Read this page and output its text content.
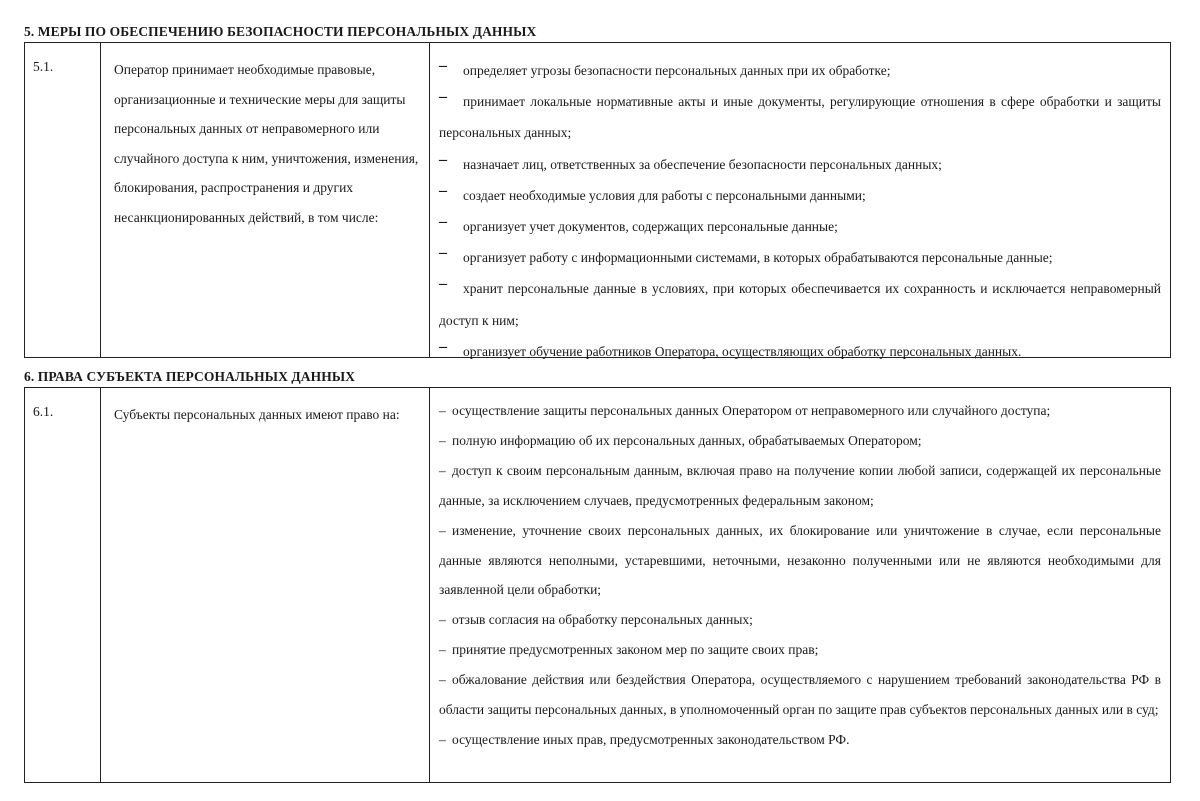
5. МЕРЫ ПО ОБЕСПЕЧЕНИЮ БЕЗОПАСНОСТИ ПЕРСОНАЛЬНЫХ ДАННЫХ
5.1.	Оператор принимает необходимые правовые, организационные и технические меры для защиты персональных данных от неправомерного или случайного доступа к ним, уничтожения, изменения, блокирования, распространения и других несанкционированных действий, в том числе:
– определяет угрозы безопасности персональных данных при их обработке;
– принимает локальные нормативные акты и иные документы, регулирующие отношения в сфере обработки и защиты персональных данных;
– назначает лиц, ответственных за обеспечение безопасности персональных данных;
– создает необходимые условия для работы с персональными данными;
– организует учет документов, содержащих персональные данные;
– организует работу с информационными системами, в которых обрабатываются персональные данные;
– хранит персональные данные в условиях, при которых обеспечивается их сохранность и исключается неправомерный доступ к ним;
– организует обучение работников Оператора, осуществляющих обработку персональных данных.
6. ПРАВА СУБЪЕКТА ПЕРСОНАЛЬНЫХ ДАННЫХ
6.1.	Субъекты персональных данных имеют право на:	– осуществление защиты персональных данных Оператором от неправомерного или случайного доступа;
– полную информацию об их персональных данных, обрабатываемых Оператором;
– доступ к своим персональным данным, включая право на получение копии любой записи, содержащей их персональные данные, за исключением случаев, предусмотренных федеральным законом;
– изменение, уточнение своих персональных данных, их блокирование или уничтожение в случае, если персональные данные являются неполными, устаревшими, неточными, незаконно полученными или не являются необходимыми для заявленной цели обработки;
– отзыв согласия на обработку персональных данных;
– принятие предусмотренных законом мер по защите своих прав;
– обжалование действия или бездействия Оператора, осуществляемого с нарушением требований законодательства РФ в области защиты персональных данных, в уполномоченный орган по защите прав субъектов персональных данных или в суд;
– осуществление иных прав, предусмотренных законодательством РФ.
